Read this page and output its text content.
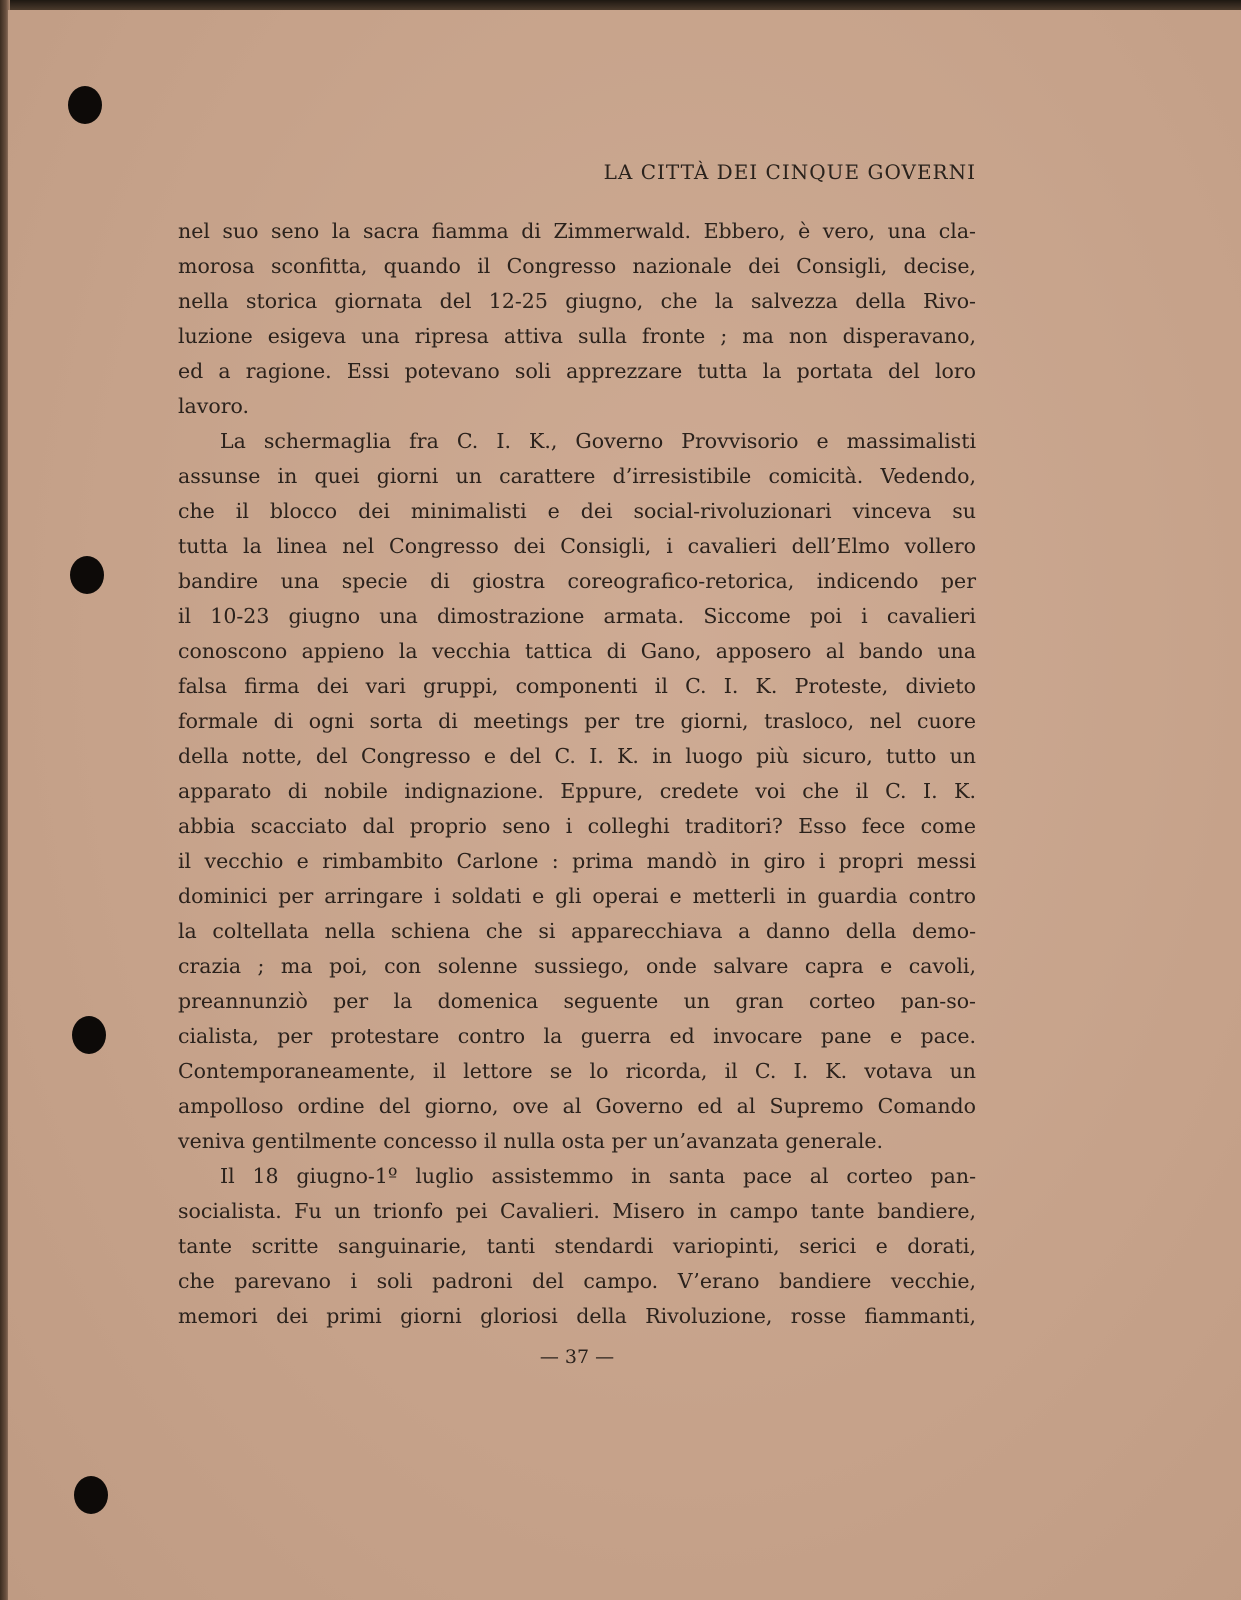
LA CITTÀ DEI CINQUE GOVERNI
nel suo seno la sacra fiamma di Zimmerwald. Ebbero, è vero, una cla-
morosa sconfitta, quando il Congresso nazionale dei Consigli, decise,
nella storica giornata del 12-25 giugno, che la salvezza della Rivo-
luzione esigeva una ripresa attiva sulla fronte ; ma non disperavano,
ed a ragione. Essi potevano soli apprezzare tutta la portata del loro
lavoro.
La schermaglia fra C. I. K., Governo Provvisorio e massimalisti
assunse in quei giorni un carattere d’irresistibile comicità. Vedendo,
che il blocco dei minimalisti e dei social-rivoluzionari vinceva su
tutta la linea nel Congresso dei Consigli, i cavalieri dell’Elmo vollero
bandire una specie di giostra coreografico-retorica, indicendo per
il 10-23 giugno una dimostrazione armata. Siccome poi i cavalieri
conoscono appieno la vecchia tattica di Gano, apposero al bando una
falsa firma dei vari gruppi, componenti il C. I. K. Proteste, divieto
formale di ogni sorta di meetings per tre giorni, trasloco, nel cuore
della notte, del Congresso e del C. I. K. in luogo più sicuro, tutto un
apparato di nobile indignazione. Eppure, credete voi che il C. I. K.
abbia scacciato dal proprio seno i colleghi traditori? Esso fece come
il vecchio e rimbambito Carlone : prima mandò in giro i propri messi
dominici per arringare i soldati e gli operai e metterli in guardia contro
la coltellata nella schiena che si apparecchiava a danno della demo-
crazia ; ma poi, con solenne sussiego, onde salvare capra e cavoli,
preannunziò per la domenica seguente un gran corteo pan-so-
cialista, per protestare contro la guerra ed invocare pane e pace.
Contemporaneamente, il lettore se lo ricorda, il C. I. K. votava un
ampolloso ordine del giorno, ove al Governo ed al Supremo Comando
veniva gentilmente concesso il nulla osta per un’avanzata generale.
Il 18 giugno-1º luglio assistemmo in santa pace al corteo pan-
socialista. Fu un trionfo pei Cavalieri. Misero in campo tante bandiere,
tante scritte sanguinarie, tanti stendardi variopinti, serici e dorati,
che parevano i soli padroni del campo. V’erano bandiere vecchie,
memori dei primi giorni gloriosi della Rivoluzione, rosse fiammanti,
— 37 —
